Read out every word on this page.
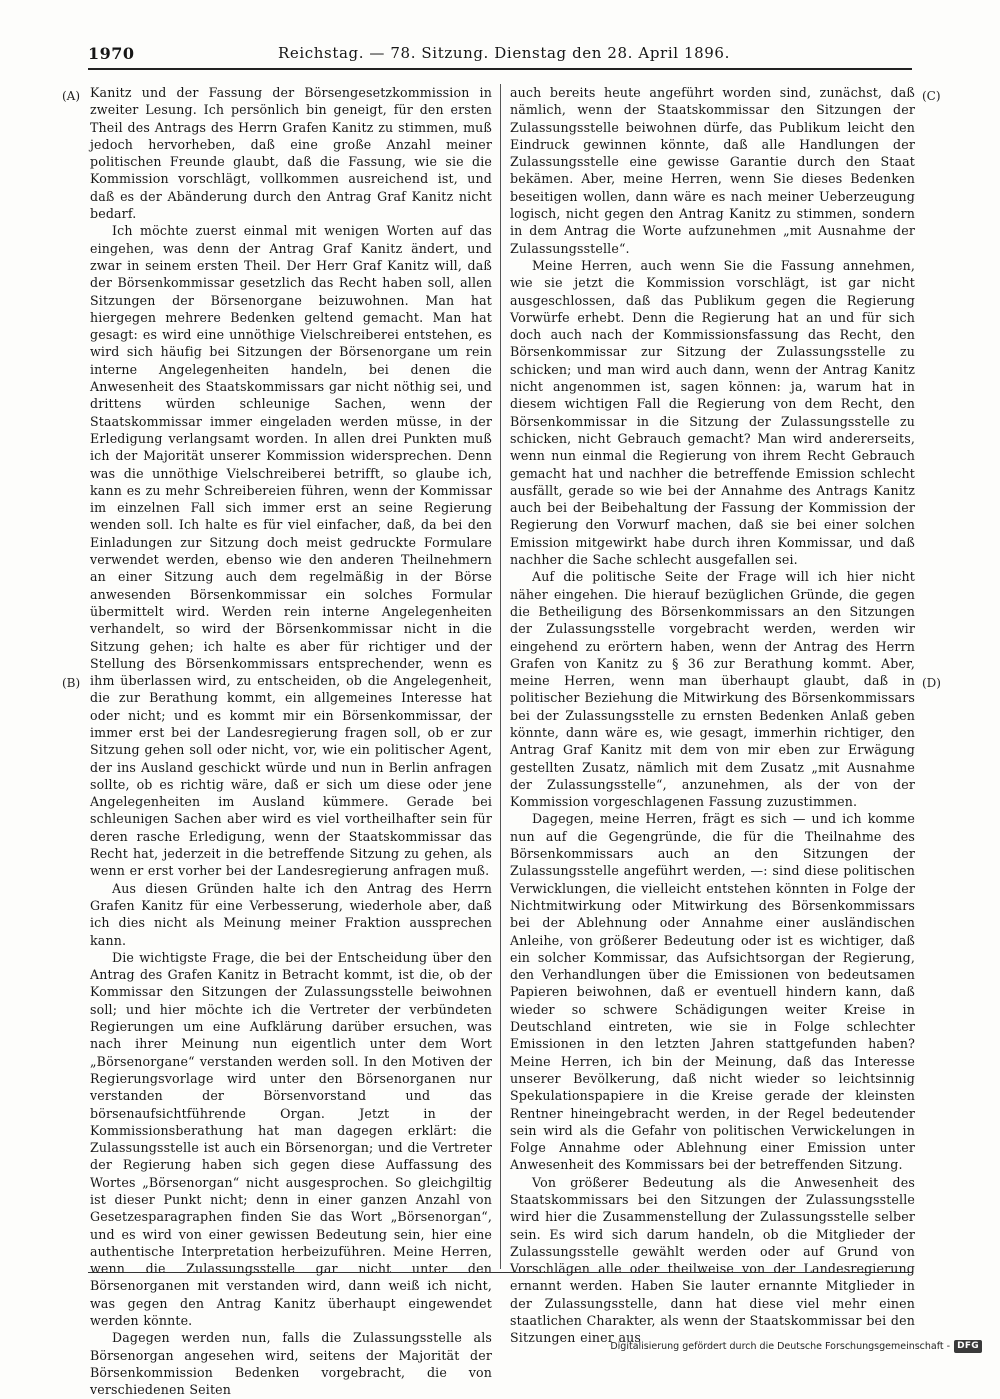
1970	Reichstag. — 78. Sitzung. Dienstag den 28. April 1896.
(A)
(B)
(C)
(D)

Kanitz und der Fassung der Börsengesetzkommission in zweiter Lesung. Ich persönlich bin geneigt, für den ersten Theil des Antrags des Herrn Grafen Kanitz zu stimmen, muß jedoch hervorheben, daß eine große Anzahl meiner politischen Freunde glaubt, daß die Fassung, wie sie die Kommission vorschlägt, vollkommen ausreichend ist, und daß es der Abänderung durch den Antrag Graf Kanitz nicht bedarf.

Ich möchte zuerst einmal mit wenigen Worten auf das eingehen, was denn der Antrag Graf Kanitz ändert, und zwar in seinem ersten Theil. Der Herr Graf Kanitz will, daß der Börsenkommissar gesetzlich das Recht haben soll, allen Sitzungen der Börsenorgane beizuwohnen. Man hat hiergegen mehrere Bedenken geltend gemacht. Man hat gesagt: es wird eine unnöthige Vielschreiberei entstehen, es wird sich häufig bei Sitzungen der Börsenorgane um rein interne Angelegenheiten handeln, bei denen die Anwesenheit des Staatskommissars gar nicht nöthig sei, und drittens würden schleunige Sachen, wenn der Staatskommissar immer eingeladen werden müsse, in der Erledigung verlangsamt worden. In allen drei Punkten muß ich der Majorität unserer Kommission widersprechen. Denn was die unnöthige Vielschreiberei betrifft, so glaube ich, kann es zu mehr Schreibereien führen, wenn der Kommissar im einzelnen Fall sich immer erst an seine Regierung wenden soll. Ich halte es für viel einfacher, daß, da bei den Einladungen zur Sitzung doch meist gedruckte Formulare verwendet werden, ebenso wie den anderen Theilnehmern an einer Sitzung auch dem regelmäßig in der Börse anwesenden Börsenkommissar ein solches Formular übermittelt wird. Werden rein interne Angelegenheiten verhandelt, so wird der Börsenkommissar nicht in die Sitzung gehen; ich halte es aber für richtiger und der Stellung des Börsenkommissars entsprechender, wenn es ihm überlassen wird, zu entscheiden, ob die Angelegenheit, die zur Berathung kommt, ein allgemeines Interesse hat oder nicht; und es kommt mir ein Börsenkommissar, der immer erst bei der Landesregierung fragen soll, ob er zur Sitzung gehen soll oder nicht, vor, wie ein politischer Agent, der ins Ausland geschickt würde und nun in Berlin anfragen sollte, ob es richtig wäre, daß er sich um diese oder jene Angelegenheiten im Ausland kümmere. Gerade bei schleunigen Sachen aber wird es viel vortheilhafter sein für deren rasche Erledigung, wenn der Staatskommissar das Recht hat, jederzeit in die betreffende Sitzung zu gehen, als wenn er erst vorher bei der Landesregierung anfragen muß.

Aus diesen Gründen halte ich den Antrag des Herrn Grafen Kanitz für eine Verbesserung, wiederhole aber, daß ich dies nicht als Meinung meiner Fraktion aussprechen kann.

Die wichtigste Frage, die bei der Entscheidung über den Antrag des Grafen Kanitz in Betracht kommt, ist die, ob der Kommissar den Sitzungen der Zulassungsstelle beiwohnen soll; und hier möchte ich die Vertreter der verbündeten Regierungen um eine Aufklärung darüber ersuchen, was nach ihrer Meinung nun eigentlich unter dem Wort „Börsenorgane“ verstanden werden soll. In den Motiven der Regierungsvorlage wird unter den Börsenorganen nur verstanden der Börsenvorstand und das börsenaufsichtführende Organ. Jetzt in der Kommissionsberathung hat man dagegen erklärt: die Zulassungsstelle ist auch ein Börsenorgan; und die Vertreter der Regierung haben sich gegen diese Auffassung des Wortes „Börsenorgan“ nicht ausgesprochen. So gleichgiltig ist dieser Punkt nicht; denn in einer ganzen Anzahl von Gesetzesparagraphen finden Sie das Wort „Börsenorgan“, und es wird von einer gewissen Bedeutung sein, hier eine authentische Interpretation herbeizuführen. Meine Herren, wenn die Zulassungsstelle gar nicht unter den Börsenorganen mit verstanden wird, dann weiß ich nicht, was gegen den Antrag Kanitz überhaupt eingewendet werden könnte.

Dagegen werden nun, falls die Zulassungsstelle als Börsenorgan angesehen wird, seitens der Majorität der Börsenkommission Bedenken vorgebracht, die von verschiedenen Seiten

auch bereits heute angeführt worden sind, zunächst, daß nämlich, wenn der Staatskommissar den Sitzungen der Zulassungsstelle beiwohnen dürfe, das Publikum leicht den Eindruck gewinnen könnte, daß alle Handlungen der Zulassungsstelle eine gewisse Garantie durch den Staat bekämen. Aber, meine Herren, wenn Sie dieses Bedenken beseitigen wollen, dann wäre es nach meiner Ueberzeugung logisch, nicht gegen den Antrag Kanitz zu stimmen, sondern in dem Antrag die Worte aufzunehmen „mit Ausnahme der Zulassungsstelle“.

Meine Herren, auch wenn Sie die Fassung annehmen, wie sie jetzt die Kommission vorschlägt, ist gar nicht ausgeschlossen, daß das Publikum gegen die Regierung Vorwürfe erhebt. Denn die Regierung hat an und für sich doch auch nach der Kommissionsfassung das Recht, den Börsenkommissar zur Sitzung der Zulassungsstelle zu schicken; und man wird auch dann, wenn der Antrag Kanitz nicht angenommen ist, sagen können: ja, warum hat in diesem wichtigen Fall die Regierung von dem Recht, den Börsenkommissar in die Sitzung der Zulassungsstelle zu schicken, nicht Gebrauch gemacht? Man wird andererseits, wenn nun einmal die Regierung von ihrem Recht Gebrauch gemacht hat und nachher die betreffende Emission schlecht ausfällt, gerade so wie bei der Annahme des Antrags Kanitz auch bei der Beibehaltung der Fassung der Kommission der Regierung den Vorwurf machen, daß sie bei einer solchen Emission mitgewirkt habe durch ihren Kommissar, und daß nachher die Sache schlecht ausgefallen sei.

Auf die politische Seite der Frage will ich hier nicht näher eingehen. Die hierauf bezüglichen Gründe, die gegen die Betheiligung des Börsenkommissars an den Sitzungen der Zulassungsstelle vorgebracht werden, werden wir eingehend zu erörtern haben, wenn der Antrag des Herrn Grafen von Kanitz zu § 36 zur Berathung kommt. Aber, meine Herren, wenn man überhaupt glaubt, daß in politischer Beziehung die Mitwirkung des Börsenkommissars bei der Zulassungsstelle zu ernsten Bedenken Anlaß geben könnte, dann wäre es, wie gesagt, immerhin richtiger, den Antrag Graf Kanitz mit dem von mir eben zur Erwägung gestellten Zusatz, nämlich mit dem Zusatz „mit Ausnahme der Zulassungsstelle“, anzunehmen, als der von der Kommission vorgeschlagenen Fassung zuzustimmen.

Dagegen, meine Herren, frägt es sich — und ich komme nun auf die Gegengründe, die für die Theilnahme des Börsenkommissars auch an den Sitzungen der Zulassungsstelle angeführt werden, —: sind diese politischen Verwicklungen, die vielleicht entstehen könnten in Folge der Nichtmitwirkung oder Mitwirkung des Börsenkommissars bei der Ablehnung oder Annahme einer ausländischen Anleihe, von größerer Bedeutung oder ist es wichtiger, daß ein solcher Kommissar, das Aufsichtsorgan der Regierung, den Verhandlungen über die Emissionen von bedeutsamen Papieren beiwohnen, daß er eventuell hindern kann, daß wieder so schwere Schädigungen weiter Kreise in Deutschland eintreten, wie sie in Folge schlechter Emissionen in den letzten Jahren stattgefunden haben? Meine Herren, ich bin der Meinung, daß das Interesse unserer Bevölkerung, daß nicht wieder so leichtsinnig Spekulationspapiere in die Kreise gerade der kleinsten Rentner hineingebracht werden, in der Regel bedeutender sein wird als die Gefahr von politischen Verwickelungen in Folge Annahme oder Ablehnung einer Emission unter Anwesenheit des Kommissars bei der betreffenden Sitzung.

Von größerer Bedeutung als die Anwesenheit des Staatskommissars bei den Sitzungen der Zulassungsstelle wird hier die Zusammenstellung der Zulassungsstelle selber sein. Es wird sich darum handeln, ob die Mitglieder der Zulassungsstelle gewählt werden oder auf Grund von Vorschlägen alle oder theilweise von der Landesregierung ernannt werden. Haben Sie lauter ernannte Mitglieder in der Zulassungsstelle, dann hat diese viel mehr einen staatlichen Charakter, als wenn der Staatskommissar bei den Sitzungen einer aus

Digitalisierung gefördert durch die Deutsche Forschungsgemeinschaft - DFG
